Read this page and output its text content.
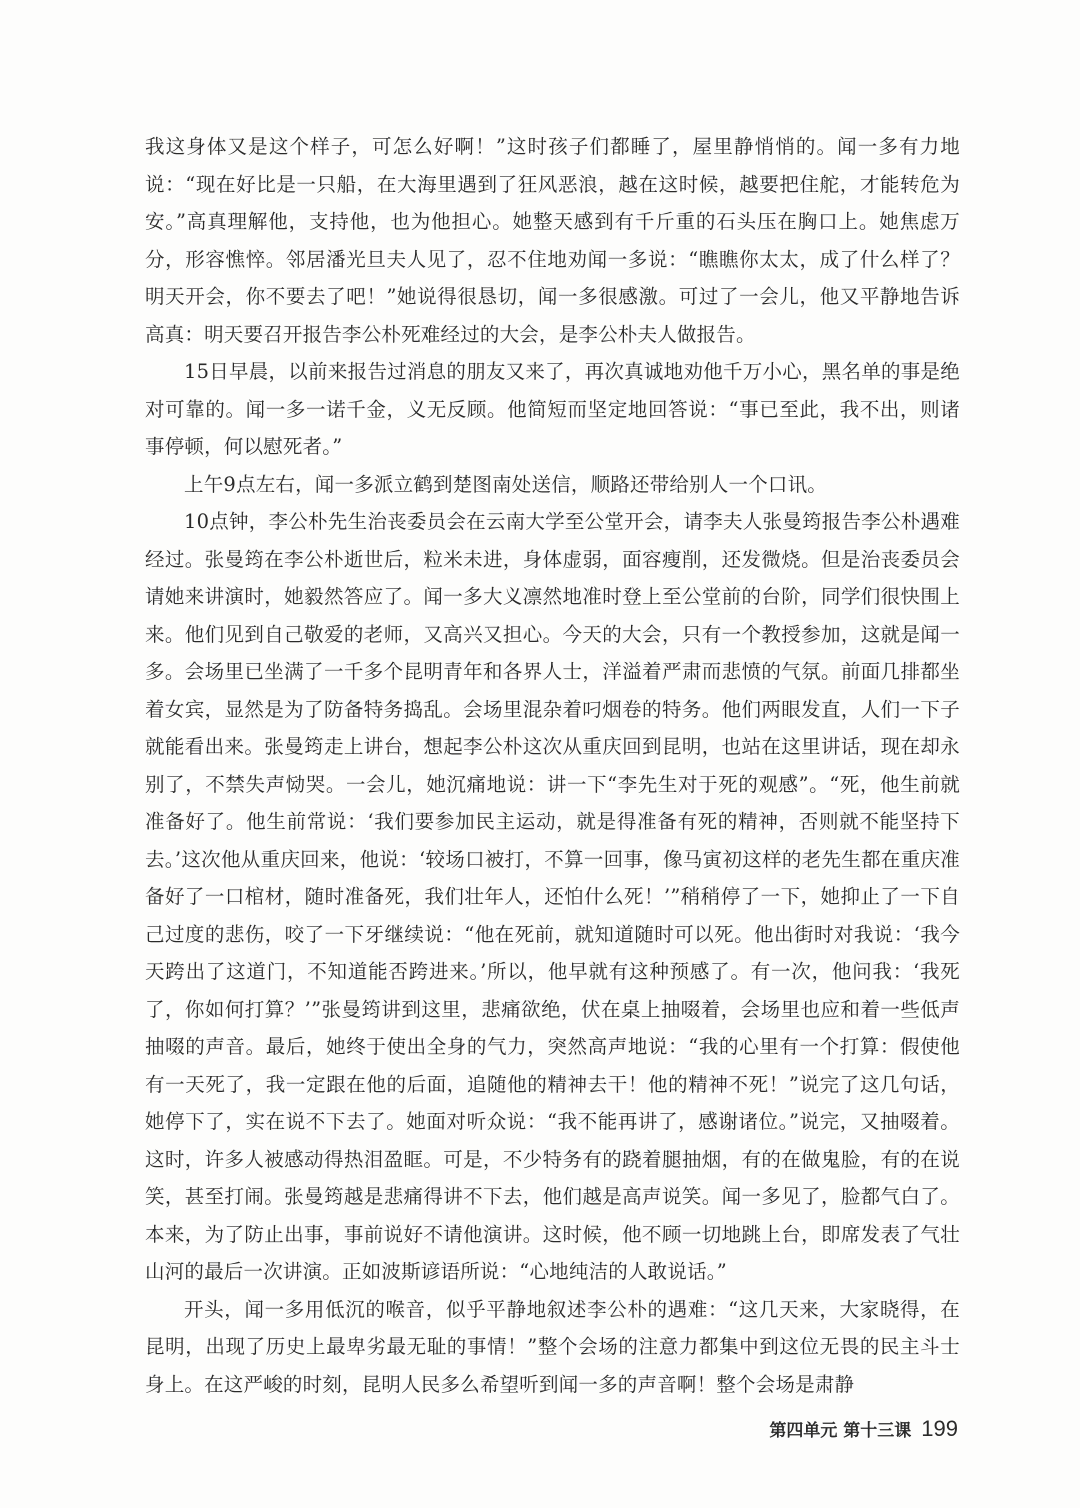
我这身体又是这个样子，可怎么好啊！”这时孩子们都睡了，屋里静悄悄的。闻一多有力地说：“现在好比是一只船，在大海里遇到了狂风恶浪，越在这时候，越要把住舵，才能转危为安。”高真理解他，支持他，也为他担心。她整天感到有千斤重的石头压在胸口上。她焦虑万分，形容憔悴。邻居潘光旦夫人见了，忍不住地劝闻一多说：“瞧瞧你太太，成了什么样了？明天开会，你不要去了吧！”她说得很恳切，闻一多很感激。可过了一会儿，他又平静地告诉高真：明天要召开报告李公朴死难经过的大会，是李公朴夫人做报告。

15日早晨，以前来报告过消息的朋友又来了，再次真诚地劝他千万小心，黑名单的事是绝对可靠的。闻一多一诺千金，义无反顾。他简短而坚定地回答说：“事已至此，我不出，则诸事停顿，何以慰死者。”

上午9点左右，闻一多派立鹤到楚图南处送信，顺路还带给别人一个口讯。

10点钟，李公朴先生治丧委员会在云南大学至公堂开会，请李夫人张曼筠报告李公朴遇难经过。张曼筠在李公朴逝世后，粒米未进，身体虚弱，面容瘦削，还发微烧。但是治丧委员会请她来讲演时，她毅然答应了。闻一多大义凛然地准时登上至公堂前的台阶，同学们很快围上来。他们见到自己敬爱的老师，又高兴又担心。今天的大会，只有一个教授参加，这就是闻一多。会场里已坐满了一千多个昆明青年和各界人士，洋溢着严肃而悲愤的气氛。前面几排都坐着女宾，显然是为了防备特务捣乱。会场里混杂着叼烟卷的特务。他们两眼发直，人们一下子就能看出来。张曼筠走上讲台，想起李公朴这次从重庆回到昆明，也站在这里讲话，现在却永别了，不禁失声恸哭。一会儿，她沉痛地说：讲一下“李先生对于死的观感”。“死，他生前就准备好了。他生前常说：‘我们要参加民主运动，就是得准备有死的精神，否则就不能坚持下去。’这次他从重庆回来，他说：‘较场口被打，不算一回事，像马寅初这样的老先生都在重庆准备好了一口棺材，随时准备死，我们壮年人，还怕什么死！’”稍稍停了一下，她抑止了一下自己过度的悲伤，咬了一下牙继续说：“他在死前，就知道随时可以死。他出街时对我说：‘我今天跨出了这道门，不知道能否跨进来。’所以，他早就有这种预感了。有一次，他问我：‘我死了，你如何打算？’”张曼筠讲到这里，悲痛欲绝，伏在桌上抽啜着，会场里也应和着一些低声抽啜的声音。最后，她终于使出全身的气力，突然高声地说：“我的心里有一个打算：假使他有一天死了，我一定跟在他的后面，追随他的精神去干！他的精神不死！”说完了这几句话，她停下了，实在说不下去了。她面对听众说：“我不能再讲了，感谢诸位。”说完，又抽啜着。这时，许多人被感动得热泪盈眶。可是，不少特务有的跷着腿抽烟，有的在做鬼脸，有的在说笑，甚至打闹。张曼筠越是悲痛得讲不下去，他们越是高声说笑。闻一多见了，脸都气白了。本来，为了防止出事，事前说好不请他演讲。这时候，他不顾一切地跳上台，即席发表了气壮山河的最后一次讲演。正如波斯谚语所说：“心地纯洁的人敢说话。”

开头，闻一多用低沉的喉音，似乎平静地叙述李公朴的遇难：“这几天来，大家晓得，在昆明，出现了历史上最卑劣最无耻的事情！”整个会场的注意力都集中到这位无畏的民主斗士身上。在这严峻的时刻，昆明人民多么希望听到闻一多的声音啊！整个会场是肃静

第四单元 第十三课 199
